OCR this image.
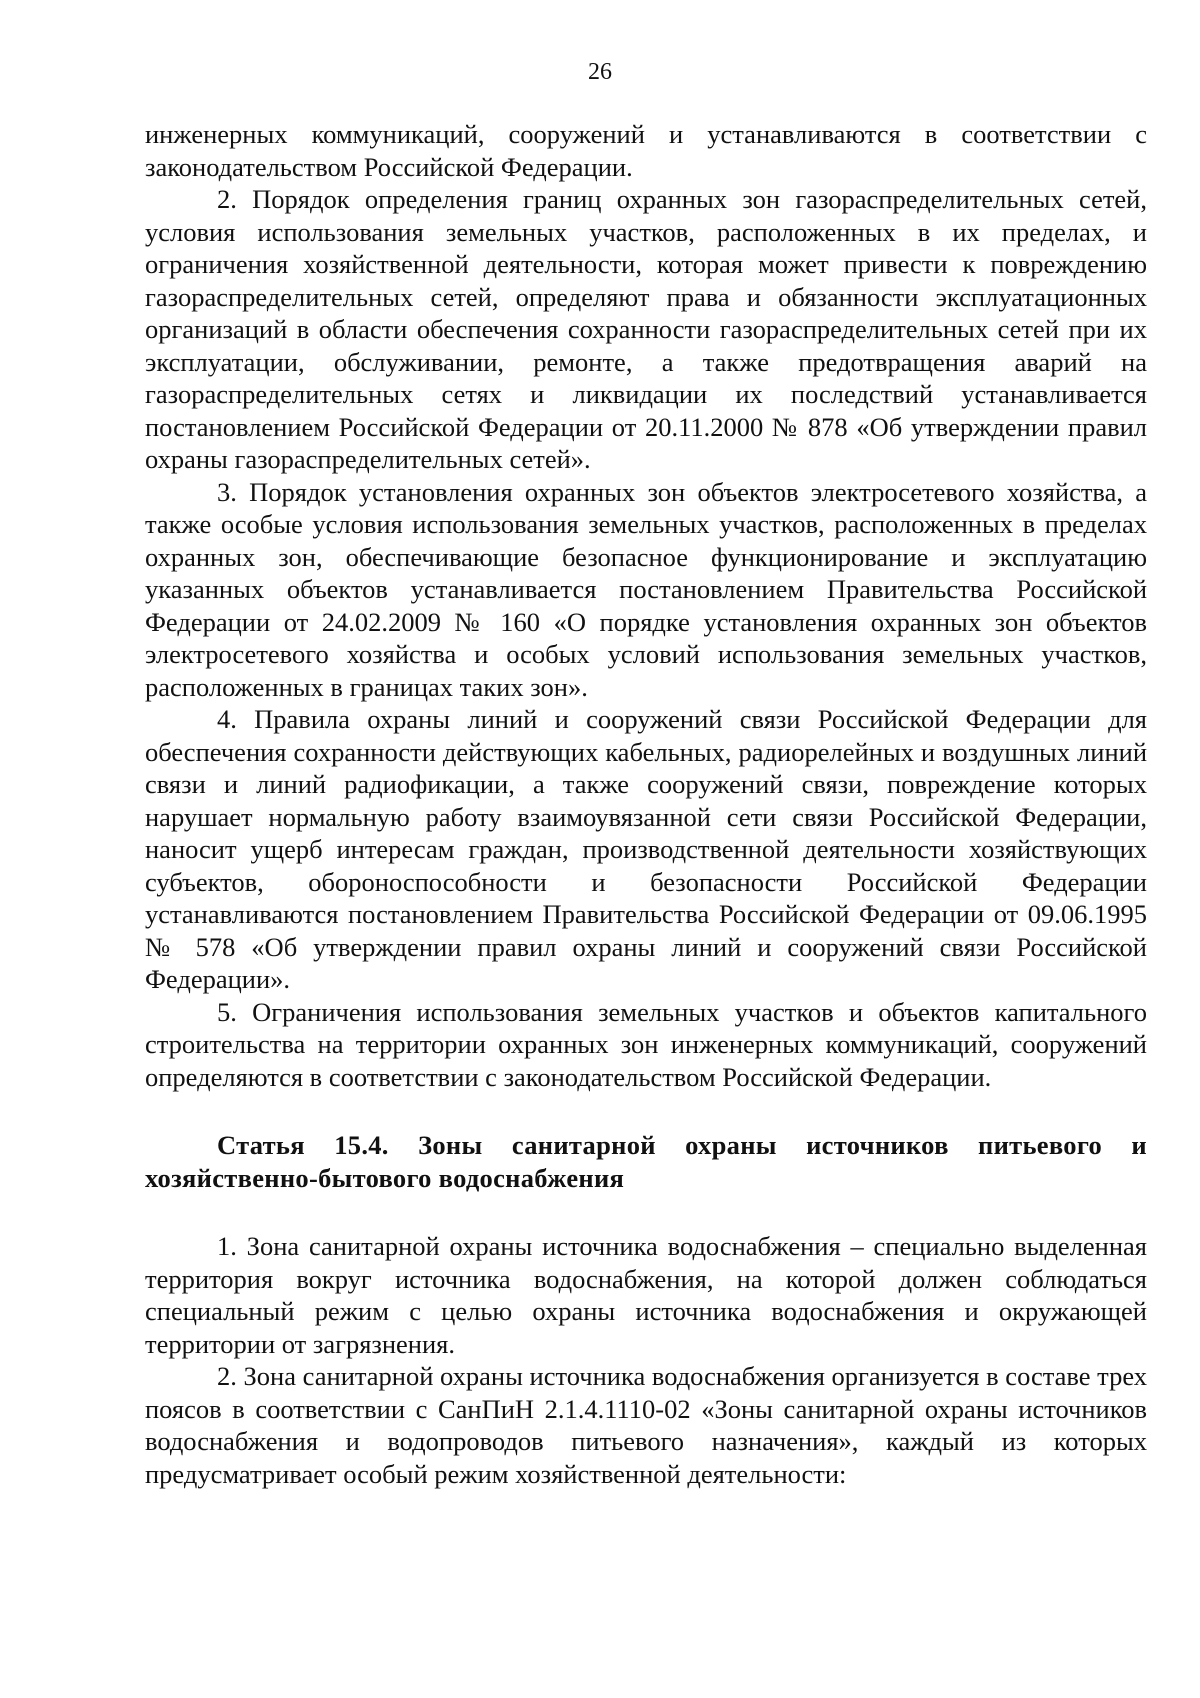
26

инженерных коммуникаций, сооружений и устанавливаются в соответствии с законодательством Российской Федерации.

2. Порядок определения границ охранных зон газораспределительных сетей, условия использования земельных участков, расположенных в их пределах, и ограничения хозяйственной деятельности, которая может привести к повреждению газораспределительных сетей, определяют права и обязанности эксплуатационных организаций в области обеспечения сохранности газораспределительных сетей при их эксплуатации, обслуживании, ремонте, а также предотвращения аварий на газораспределительных сетях и ликвидации их последствий устанавливается постановлением Российской Федерации от 20.11.2000 № 878 «Об утверждении правил охраны газораспределительных сетей».

3. Порядок установления охранных зон объектов электросетевого хозяйства, а также особые условия использования земельных участков, расположенных в пределах охранных зон, обеспечивающие безопасное функционирование и эксплуатацию указанных объектов устанавливается постановлением Правительства Российской Федерации от 24.02.2009 № 160 «О порядке установления охранных зон объектов электросетевого хозяйства и особых условий использования земельных участков, расположенных в границах таких зон».

4. Правила охраны линий и сооружений связи Российской Федерации для обеспечения сохранности действующих кабельных, радиорелейных и воздушных линий связи и линий радиофикации, а также сооружений связи, повреждение которых нарушает нормальную работу взаимоувязанной сети связи Российской Федерации, наносит ущерб интересам граждан, производственной деятельности хозяйствующих субъектов, обороноспособности и безопасности Российской Федерации устанавливаются постановлением Правительства Российской Федерации от 09.06.1995 № 578 «Об утверждении правил охраны линий и сооружений связи Российской Федерации».

5. Ограничения использования земельных участков и объектов капитального строительства на территории охранных зон инженерных коммуникаций, сооружений определяются в соответствии с законодательством Российской Федерации.

Статья 15.4. Зоны санитарной охраны источников питьевого и хозяйственно-бытового водоснабжения

1. Зона санитарной охраны источника водоснабжения – специально выделенная территория вокруг источника водоснабжения, на которой должен соблюдаться специальный режим с целью охраны источника водоснабжения и окружающей территории от загрязнения.

2. Зона санитарной охраны источника водоснабжения организуется в составе трех поясов в соответствии с СанПиН 2.1.4.1110-02 «Зоны санитарной охраны источников водоснабжения и водопроводов питьевого назначения», каждый из которых предусматривает особый режим хозяйственной деятельности:
